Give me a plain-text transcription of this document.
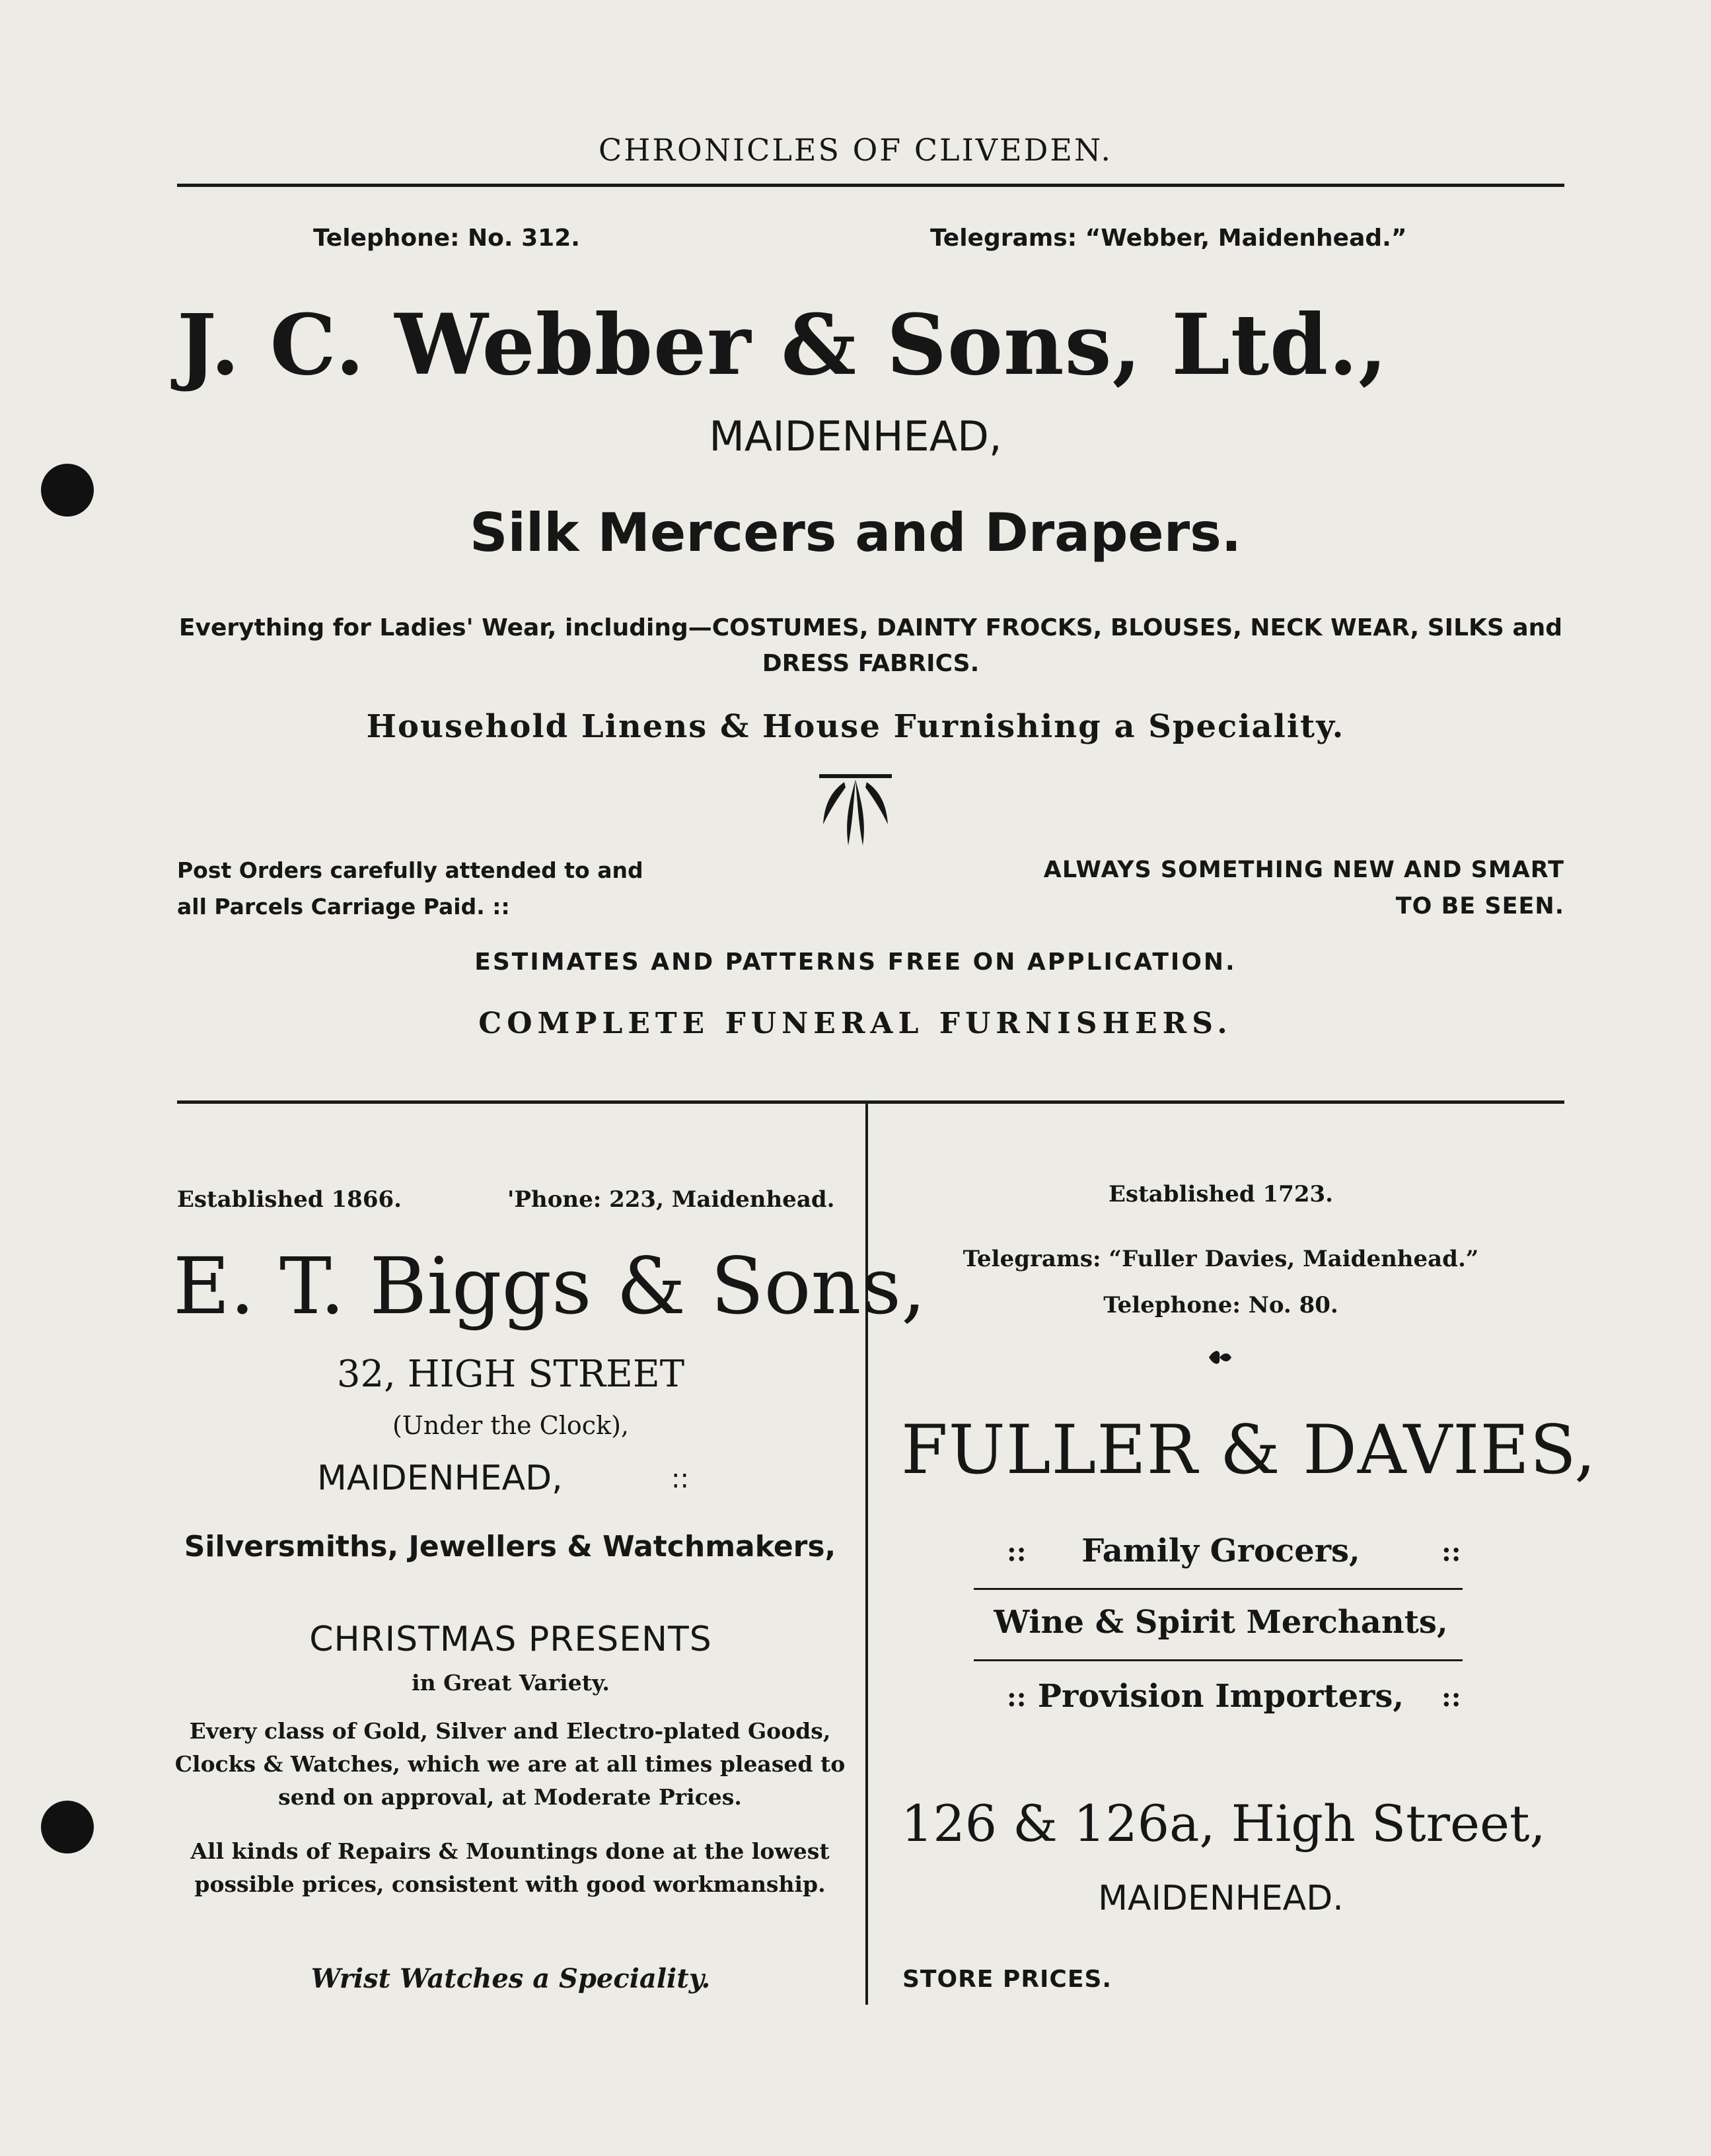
CHRONICLES OF CLIVEDEN.
Telephone: No. 312.	Telegrams: “Webber, Maidenhead.”
J. C. Webber & Sons, Ltd.,
MAIDENHEAD,
Silk Mercers and Drapers.
Everything for Ladies' Wear, including—COSTUMES, DAINTY FROCKS, BLOUSES, NECK WEAR, SILKS and DRESS FABRICS.
Household Linens & House Furnishing a Speciality.
Post Orders carefully attended to and all Parcels Carriage Paid. ::
ALWAYS SOMETHING NEW AND SMART TO BE SEEN.
ESTIMATES AND PATTERNS FREE ON APPLICATION.
COMPLETE FUNERAL FURNISHERS.
Established 1866.	'Phone: 223, Maidenhead.
E. T. Biggs & Sons,
32, HIGH STREET
(Under the Clock),
MAIDENHEAD,	::
Silversmiths, Jewellers & Watchmakers,
CHRISTMAS PRESENTS
in Great Variety.
Every class of Gold, Silver and Electro-plated Goods, Clocks & Watches, which we are at all times pleased to send on approval, at Moderate Prices.
All kinds of Repairs & Mountings done at the lowest possible prices, consistent with good workmanship.
Wrist Watches a Speciality.
Established 1723.
Telegrams: “Fuller Davies, Maidenhead.”
Telephone: No. 80.
FULLER & DAVIES,
::	Family Grocers,	::
Wine & Spirit Merchants,
:: Provision Importers,	::
126 & 126a, High Street,
MAIDENHEAD.
STORE PRICES.
